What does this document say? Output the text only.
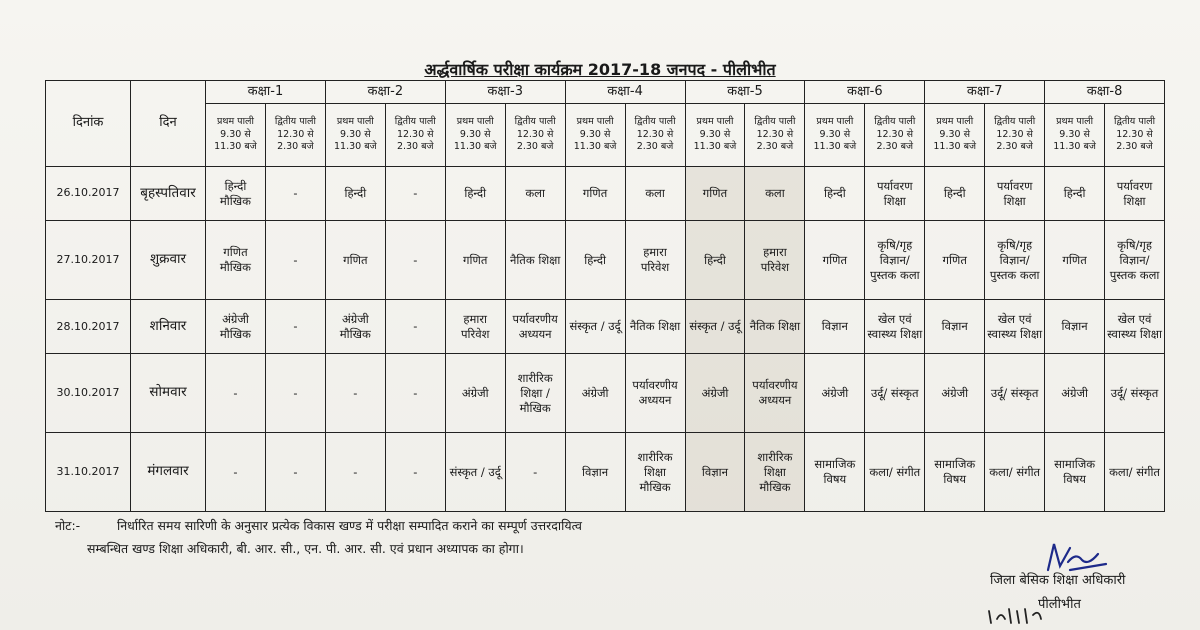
अर्द्धवार्षिक परीक्षा कार्यक्रम 2017-18 जनपद - पीलीभीत
दिनांक	दिन	कक्षा-1		कक्षा-2		कक्षा-3		कक्षा-4		कक्षा-5		कक्षा-6		कक्षा-7		कक्षा-8	
		प्रथम पाली 9.30 से 11.30 बजे	द्वितीय पाली 12.30 से 2.30 बजे	प्रथम पाली 9.30 से 11.30 बजे	द्वितीय पाली 12.30 से 2.30 बजे	प्रथम पाली 9.30 से 11.30 बजे	द्वितीय पाली 12.30 से 2.30 बजे	प्रथम पाली 9.30 से 11.30 बजे	द्वितीय पाली 12.30 से 2.30 बजे	प्रथम पाली 9.30 से 11.30 बजे	द्वितीय पाली 12.30 से 2.30 बजे	प्रथम पाली 9.30 से 11.30 बजे	द्वितीय पाली 12.30 से 2.30 बजे	प्रथम पाली 9.30 से 11.30 बजे	द्वितीय पाली 12.30 से 2.30 बजे	प्रथम पाली 9.30 से 11.30 बजे	द्वितीय पाली 12.30 से 2.30 बजे
26.10.2017	बृहस्पतिवार	हिन्दी मौखिक	-	हिन्दी	-	हिन्दी	कला	गणित	कला	गणित	कला	हिन्दी	पर्यावरण शिक्षा	हिन्दी	पर्यावरण शिक्षा	हिन्दी	पर्यावरण शिक्षा
27.10.2017	शुक्रवार	गणित मौखिक	-	गणित	-	गणित	नैतिक शिक्षा	हिन्दी	हमारा परिवेश	हिन्दी	हमारा परिवेश	गणित	कृषि/गृह विज्ञान/ पुस्तक कला	गणित	कृषि/गृह विज्ञान/ पुस्तक कला	गणित	कृषि/गृह विज्ञान/ पुस्तक कला
28.10.2017	शनिवार	अंग्रेजी मौखिक	-	अंग्रेजी मौखिक	-	हमारा परिवेश	पर्यावरणीय अध्ययन	संस्कृत / उर्दू	नैतिक शिक्षा	संस्कृत / उर्दू	नैतिक शिक्षा	विज्ञान	खेल एवं स्वास्थ्य शिक्षा	विज्ञान	खेल एवं स्वास्थ्य शिक्षा	विज्ञान	खेल एवं स्वास्थ्य शिक्षा
30.10.2017	सोमवार	-	-	-	-	अंग्रेजी	शारीरिक शिक्षा /मौखिक	अंग्रेजी	पर्यावरणीय अध्ययन	अंग्रेजी	पर्यावरणीय अध्ययन	अंग्रेजी	उर्दू/ संस्कृत	अंग्रेजी	उर्दू/ संस्कृत	अंग्रेजी	उर्दू/ संस्कृत
31.10.2017	मंगलवार	-	-	-	-	संस्कृत / उर्दू	-	विज्ञान	शारीरिक शिक्षा मौखिक	विज्ञान	शारीरिक शिक्षा मौखिक	सामाजिक विषय	कला/ संगीत	सामाजिक विषय	कला/ संगीत	सामाजिक विषय	कला/ संगीत
नोट:-	निर्धारित समय सारिणी के अनुसार प्रत्येक विकास खण्ड में परीक्षा सम्पादित कराने का सम्पूर्ण उत्तरदायित्व
सम्बन्धित खण्ड शिक्षा अधिकारी, बी. आर. सी., एन. पी. आर. सी. एवं प्रधान अध्यापक का होगा।
जिला बेसिक शिक्षा अधिकारी
पीलीभीत
